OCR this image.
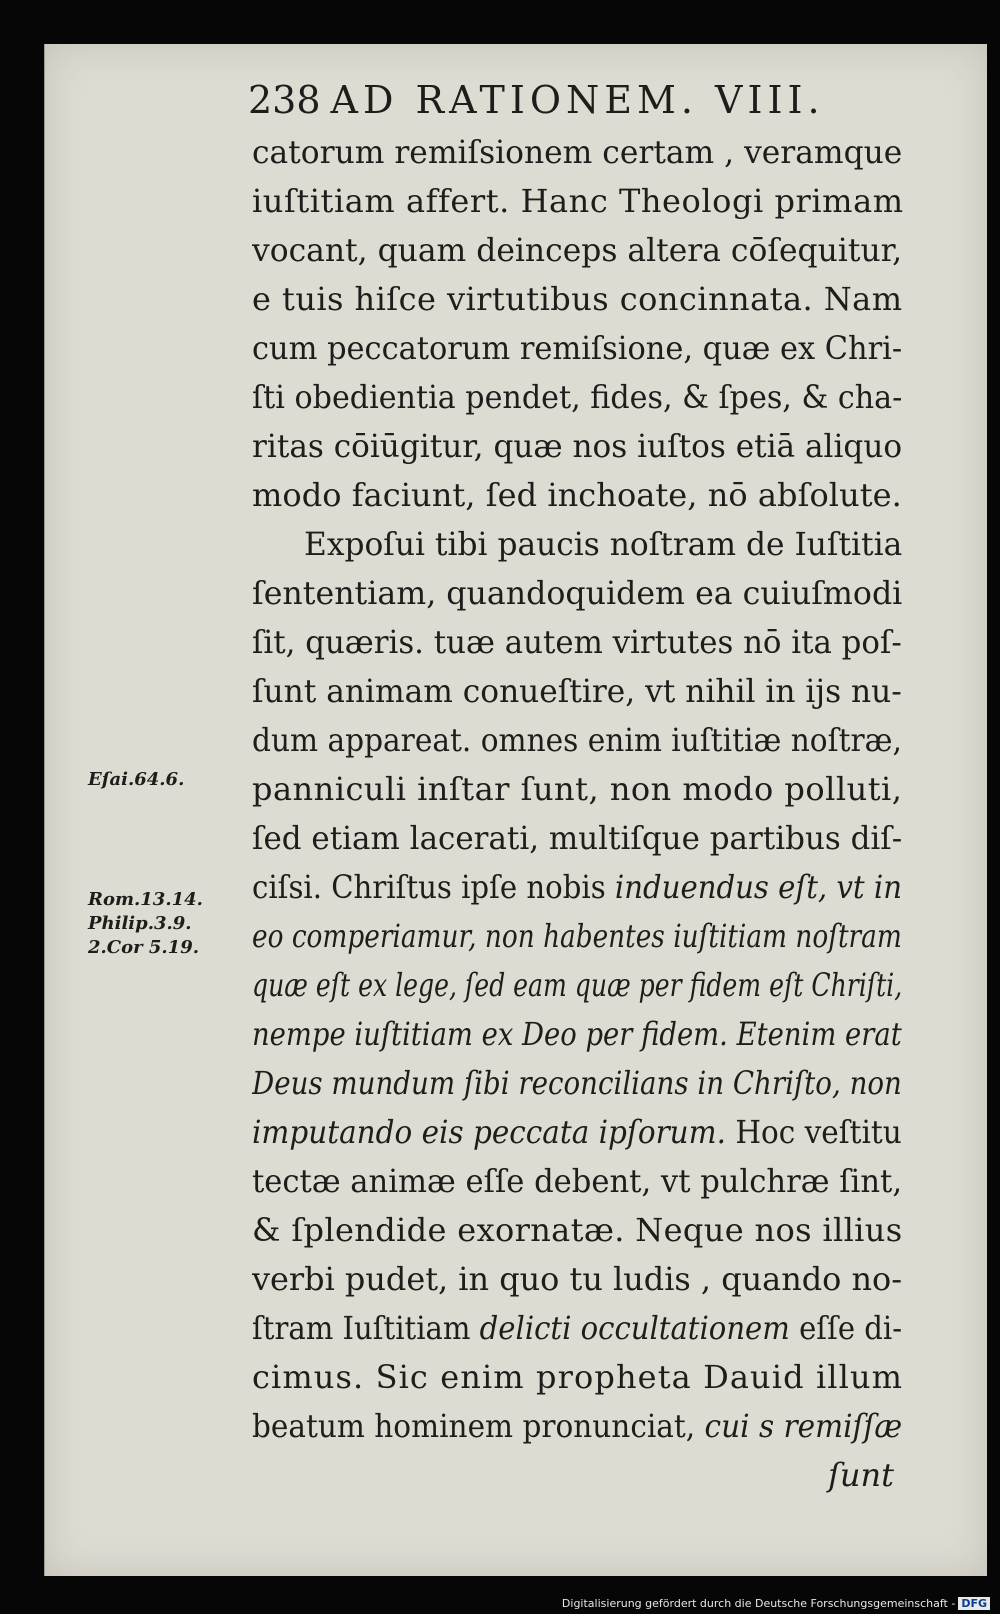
238 AD RATIONEM. VIII.
catorum remiſsionem certam , veramque
iuſtitiam affert. Hanc Theologi primam
vocant, quam deinceps altera cōſequitur,
e tuis hiſce virtutibus concinnata. Nam
cum peccatorum remiſsione, quæ ex Chri-
ſti obedientia pendet, fides, & ſpes, & cha-
ritas cōiūgitur, quæ nos iuſtos etiā aliquo
modo faciunt, ſed inchoate, nō abſolute.
Expoſui tibi paucis noſtram de Iuſtitia
ſententiam, quandoquidem ea cuiuſmodi
ſit, quæris. tuæ autem virtutes nō ita poſ-
ſunt animam conueſtire, vt nihil in ijs nu-
dum appareat. omnes enim iuſtitiæ noſtræ,
panniculi inſtar ſunt, non modo polluti,
ſed etiam lacerati, multiſque partibus diſ-
ciſsi. Chriſtus ipſe nobis induendus eſt, vt in
eo comperiamur, non habentes iuſtitiam noſtram
quæ eſt ex lege, ſed eam quæ per fidem eſt Chriſti,
nempe iuſtitiam ex Deo per fidem. Etenim erat
Deus mundum ſibi reconcilians in Chriſto, non
imputando eis peccata ipſorum. Hoc veſtitu
tectæ animæ eſſe debent, vt pulchræ ſint,
& ſplendide exornatæ. Neque nos illius
verbi pudet, in quo tu ludis , quando no-
ſtram Iuſtitiam delicti occultationem eſſe di-
cimus. Sic enim propheta Dauid illum
beatum hominem pronunciat, cui s remiſſæ
ſunt
Eſai.64.6.
Rom.13.14.
Philip.3.9.
2.Cor 5.19.
Digitalisierung gefördert durch die Deutsche Forschungsgemeinschaft - DFG
